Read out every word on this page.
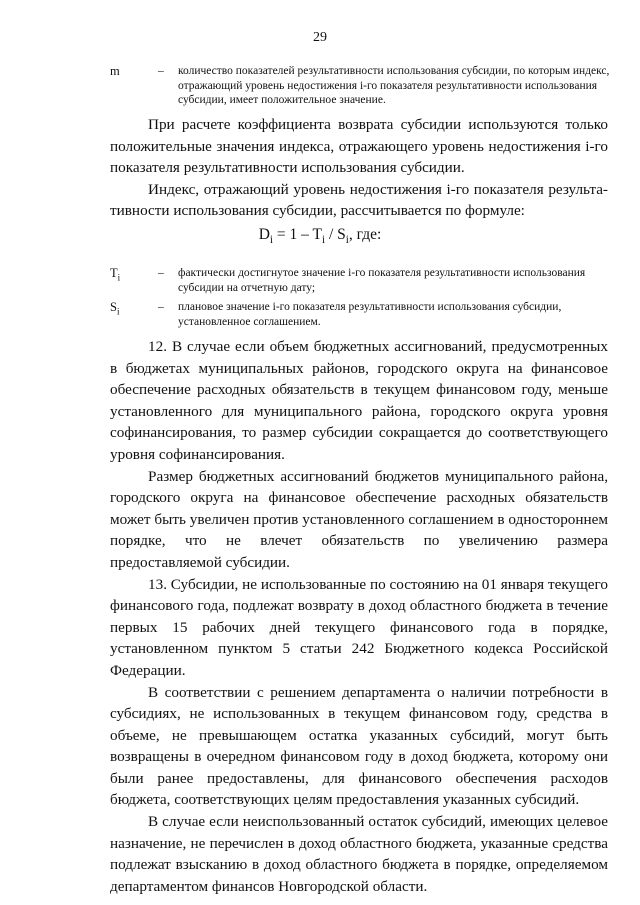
29
m	– количество показателей результативности использования субсидии, по которым индекс, отражающий уровень недостижения i-го показателя результативности использования субсидии, имеет положительное значение.

При расчете коэффициента возврата субсидии используются только положительные значения индекса, отражающего уровень недостижения i-го показателя результативности использования субсидии.

Индекс, отражающий уровень недостижения i-го показателя результа-тивности использования субсидии, рассчитывается по формуле:

$D_i = 1 - T_i / S_i$, где:
$T_i$	– фактически достигнутое значение i-го показателя результативности использования субсидии на отчетную дату;
$S_i$	– плановое значение i-го показателя результативности использования субсидии, установленное соглашением.

12. В случае если объем бюджетных ассигнований, предусмотренных в бюджетах муниципальных районов, городского округа на финансовое обеспечение расходных обязательств в текущем финансовом году, меньше установленного для муниципального района, городского округа уровня софинансирования, то размер субсидии сокращается до соответствующего уровня софинансирования.

Размер бюджетных ассигнований бюджетов муниципального района, городского округа на финансовое обеспечение расходных обязательств может быть увеличен против установленного соглашением в одностороннем порядке, что не влечет обязательств по увеличению размера предоставляемой субсидии.

13. Субсидии, не использованные по состоянию на 01 января текущего финансового года, подлежат возврату в доход областного бюджета в течение первых 15 рабочих дней текущего финансового года в порядке, установленном пунктом 5 статьи 242 Бюджетного кодекса Российской Федерации.

В соответствии с решением департамента о наличии потребности в субсидиях, не использованных в текущем финансовом году, средства в объеме, не превышающем остатка указанных субсидий, могут быть возвращены в очередном финансовом году в доход бюджета, которому они были ранее предоставлены, для финансового обеспечения расходов бюджета, соответствующих целям предоставления указанных субсидий.

В случае если неиспользованный остаток субсидий, имеющих целевое назначение, не перечислен в доход областного бюджета, указанные средства подлежат взысканию в доход областного бюджета в порядке, определяемом департаментом финансов Новгородской области.
